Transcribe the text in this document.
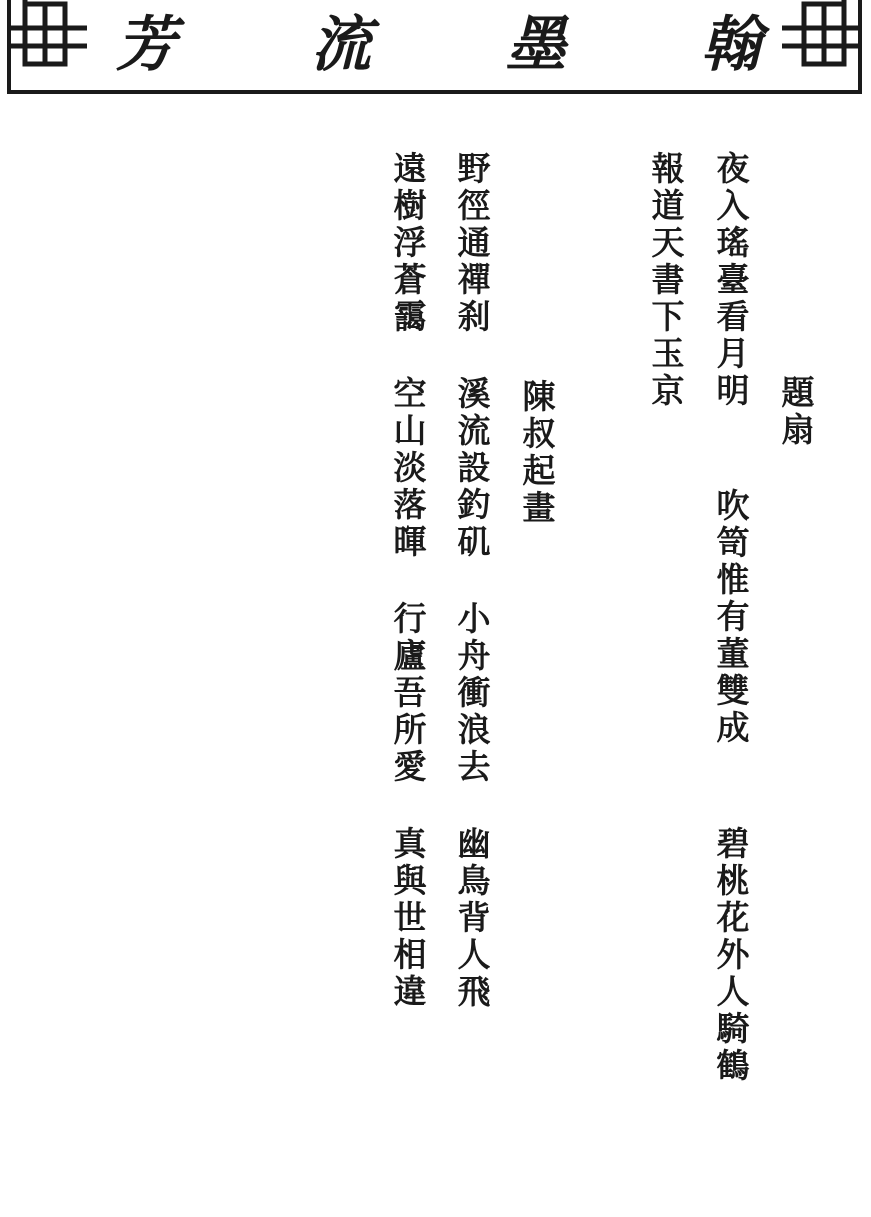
芳 流 墨 翰
題
扇
夜
入
瑤
臺
看
月
明
吹
笥
惟
有
董
雙
成
碧
桃
花
外
人
騎
鶴
報
道
天
書
下
玉
京
陳
叔
起
畫
野
徑
通
禪
刹
遠
樹
浮
蒼
靄
溪
流
設
釣
矶
空
山
淡
落
暉
小
舟
衝
浪
去
行
廬
吾
所
愛
幽
鳥
背
人
飛
真
與
世
相
違
